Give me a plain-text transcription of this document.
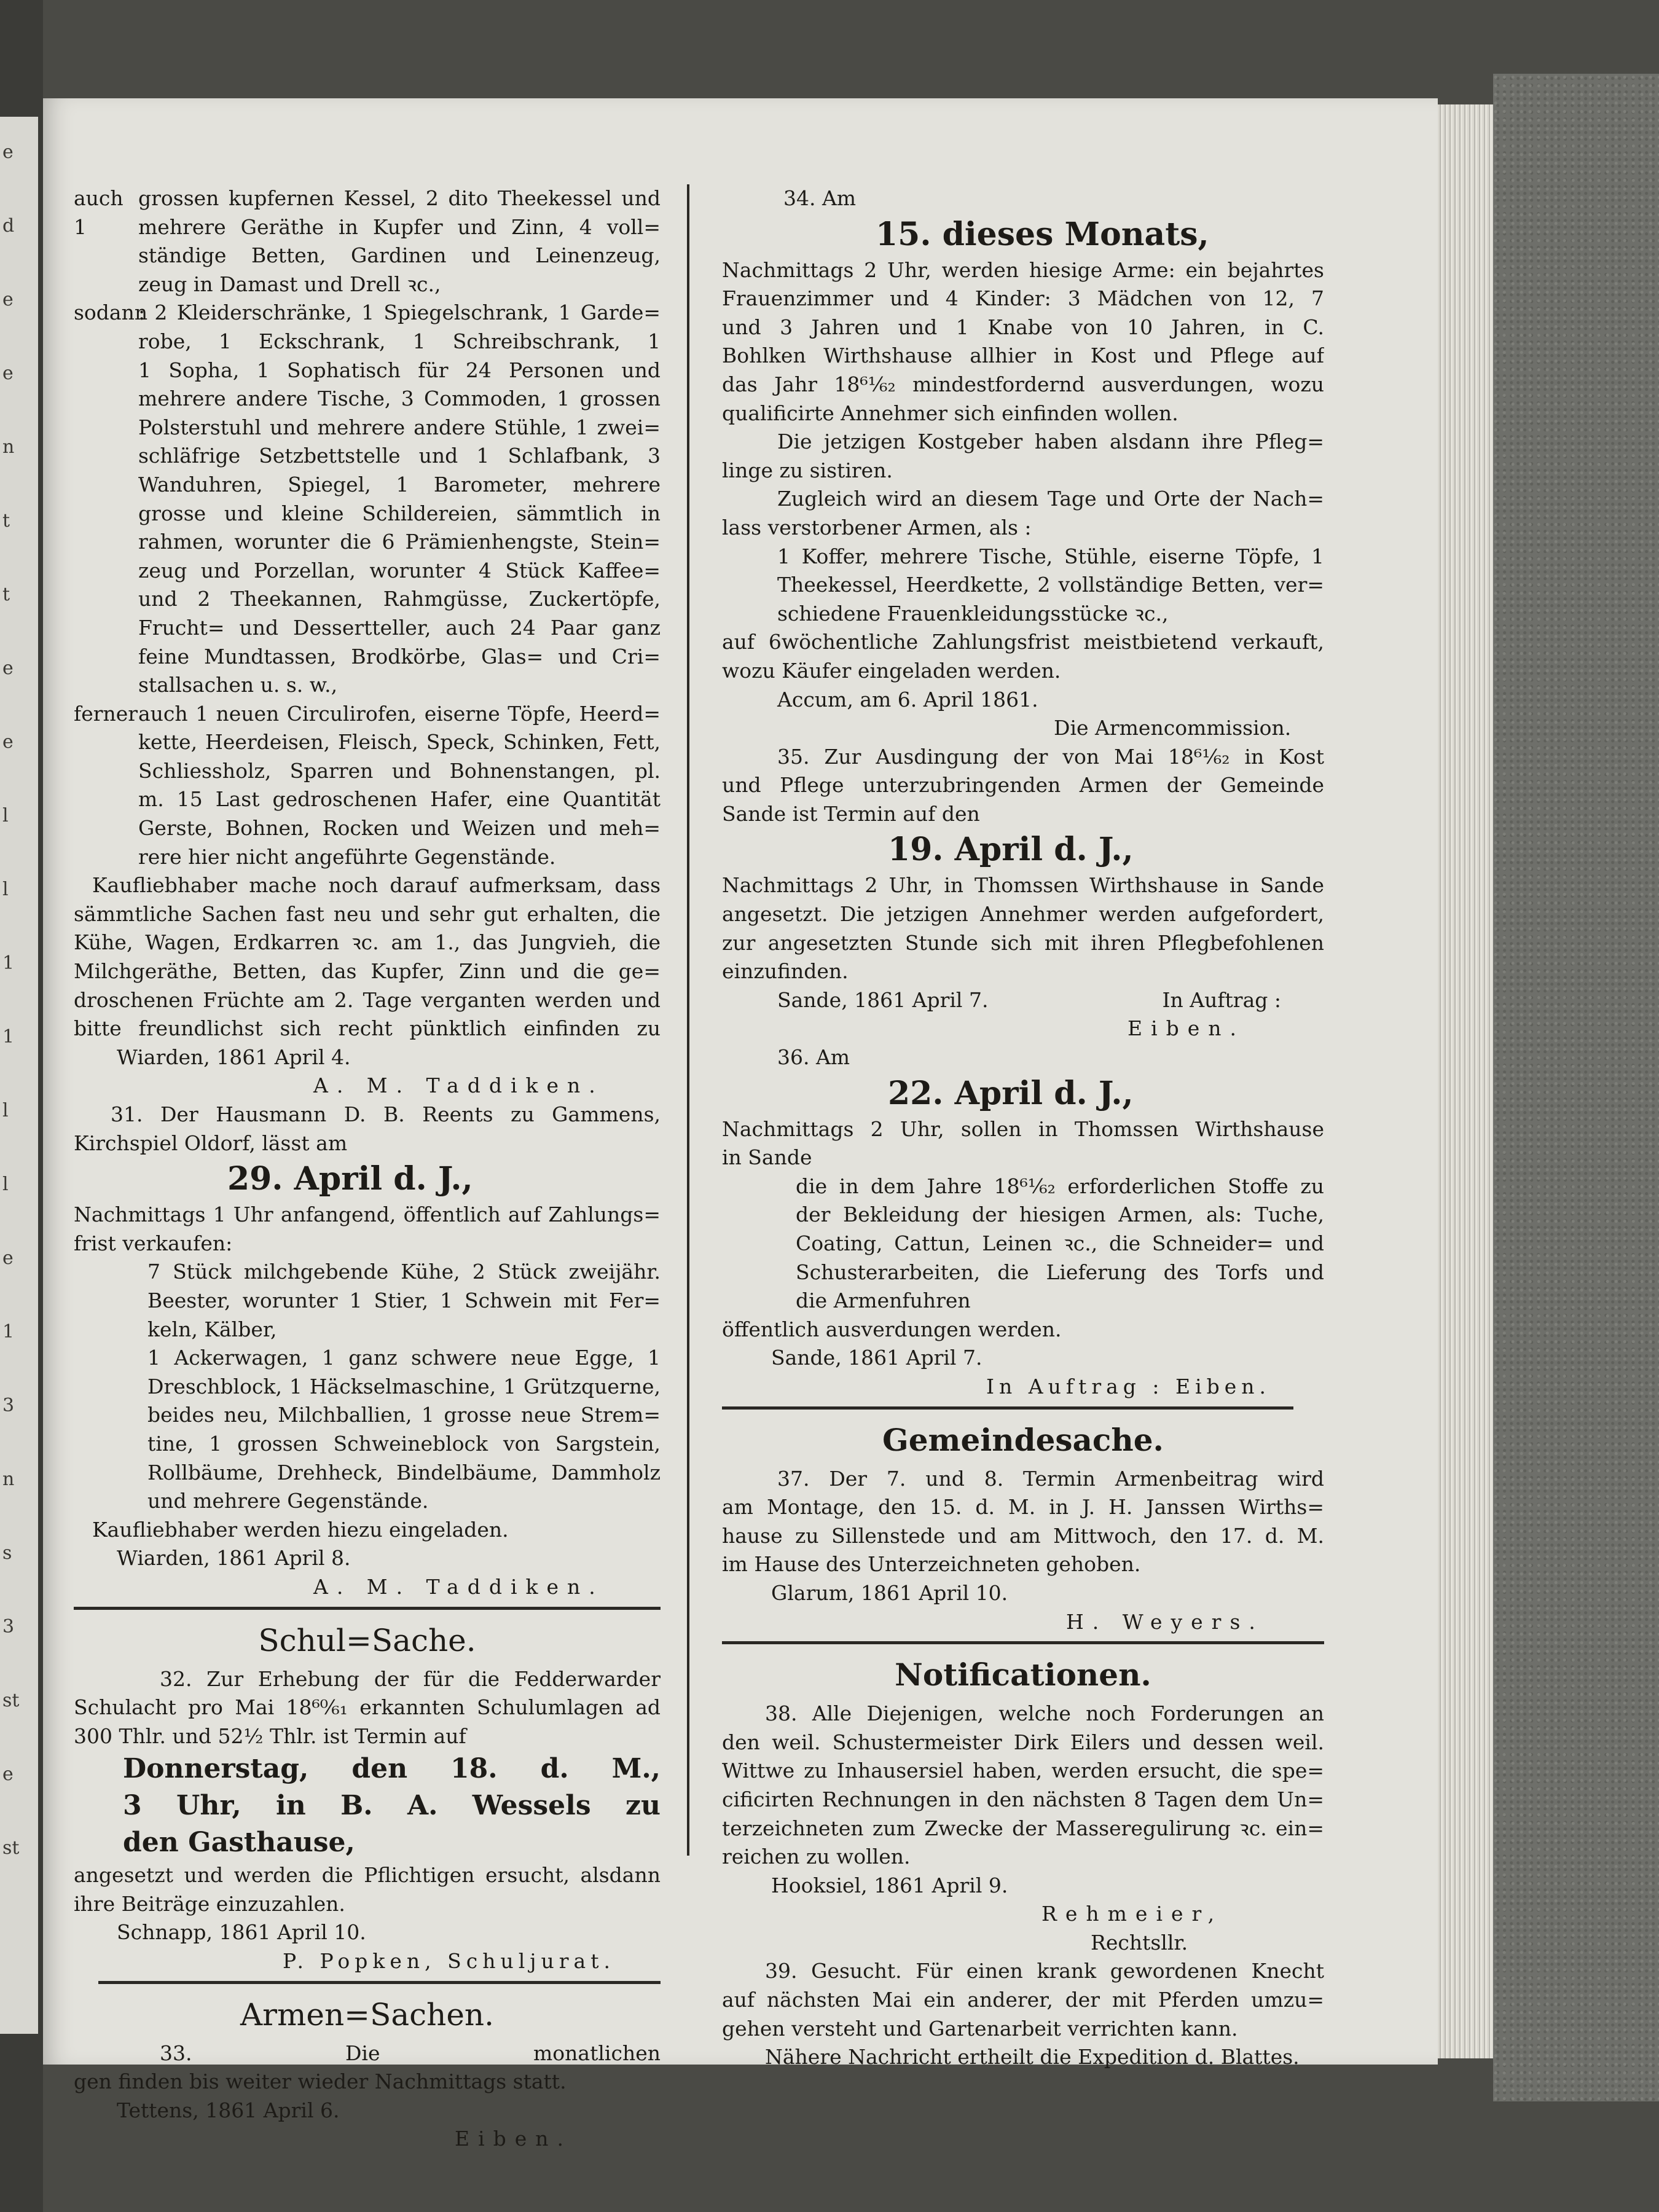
e
d
e
e
n
t
t
e
e
l
l
1
1
l
l
e
1
3
n
s
3
st
e
st
auch 1
grossen kupfernen Kessel, 2 dito Theekessel und
mehrere Geräthe in Kupfer und Zinn, 4 voll=
ständige Betten, Gardinen und Leinenzeug,
zeug in Damast und Drell ꝛc.,
sodann
: 2 Kleiderschränke, 1 Spiegelschrank, 1 Garde=
robe, 1 Eckschrank, 1 Schreibschrank, 1
1 Sopha, 1 Sophatisch für 24 Personen und
mehrere andere Tische, 3 Commoden, 1 grossen
Polsterstuhl und mehrere andere Stühle, 1 zwei=
schläfrige Setzbettstelle und 1 Schlafbank, 3
Wanduhren, Spiegel, 1 Barometer, mehrere
grosse und kleine Schildereien, sämmtlich in
rahmen, worunter die 6 Prämienhengste, Stein=
zeug und Porzellan, worunter 4 Stück Kaffee=
und 2 Theekannen, Rahmgüsse, Zuckertöpfe,
Frucht= und Dessertteller, auch 24 Paar ganz
feine Mundtassen, Brodkörbe, Glas= und Cri=
stallsachen u. s. w.,
ferner auch 1 neuen Circulirofen, eiserne Töpfe, Heerd=
kette, Heerdeisen, Fleisch, Speck, Schinken, Fett,
Schliessholz, Sparren und Bohnenstangen, pl.
m. 15 Last gedroschenen Hafer, eine Quantität
Gerste, Bohnen, Rocken und Weizen und meh=
rere hier nicht angeführte Gegenstände.
Kaufliebhaber mache noch darauf aufmerksam, dass
sämmtliche Sachen fast neu und sehr gut erhalten, die
Kühe, Wagen, Erdkarren ꝛc. am 1., das Jungvieh, die
Milchgeräthe, Betten, das Kupfer, Zinn und die ge=
droschenen Früchte am 2. Tage verganten werden und
bitte freundlichst sich recht pünktlich einfinden zu
Wiarden, 1861 April 4.
A. M. Taddiken.
31. Der Hausmann D. B. Reents zu Gammens,
Kirchspiel Oldorf, lässt am
29. April d. J.,
Nachmittags 1 Uhr anfangend, öffentlich auf Zahlungs=
frist verkaufen:
7 Stück milchgebende Kühe, 2 Stück zweijähr.
Beester, worunter 1 Stier, 1 Schwein mit Fer=
keln, Kälber,
1 Ackerwagen, 1 ganz schwere neue Egge, 1
Dreschblock, 1 Häckselmaschine, 1 Grützquerne,
beides neu, Milchballien, 1 grosse neue Strem=
tine, 1 grossen Schweineblock von Sargstein,
Rollbäume, Drehheck, Bindelbäume, Dammholz
und mehrere Gegenstände.
Kaufliebhaber werden hiezu eingeladen.
Wiarden, 1861 April 8.
A. M. Taddiken.
Schul=Sache.
32. Zur Erhebung der für die Fedderwarder
Schulacht pro Mai 18⁶⁰⁄₆₁ erkannten Schulumlagen ad
300 Thlr. und 52½ Thlr. ist Termin auf
Donnerstag, den 18. d. M.,
3 Uhr, in B. A. Wessels zu
den Gasthause,
angesetzt und werden die Pflichtigen ersucht, alsdann
ihre Beiträge einzuzahlen.
Schnapp, 1861 April 10.
P. Popken, Schuljurat.
Armen=Sachen.
33. Die monatlichen
gen finden bis weiter wieder Nachmittags statt.
Tettens, 1861 April 6.
Eiben.
34. Am
15. dieses Monats,
Nachmittags 2 Uhr, werden hiesige Arme: ein bejahrtes
Frauenzimmer und 4 Kinder: 3 Mädchen von 12, 7
und 3 Jahren und 1 Knabe von 10 Jahren, in C.
Bohlken Wirthshause allhier in Kost und Pflege auf
das Jahr 18⁶¹⁄₆₂ mindestfordernd ausverdungen, wozu
qualificirte Annehmer sich einfinden wollen.
Die jetzigen Kostgeber haben alsdann ihre Pfleg=
linge zu sistiren.
Zugleich wird an diesem Tage und Orte der Nach=
lass verstorbener Armen, als :
1 Koffer, mehrere Tische, Stühle, eiserne Töpfe, 1
Theekessel, Heerdkette, 2 vollständige Betten, ver=
schiedene Frauenkleidungsstücke ꝛc.,
auf 6wöchentliche Zahlungsfrist meistbietend verkauft,
wozu Käufer eingeladen werden.
Accum, am 6. April 1861.
Die Armencommission.
35. Zur Ausdingung der von Mai 18⁶¹⁄₆₂ in Kost
und Pflege unterzubringenden Armen der Gemeinde
Sande ist Termin auf den
19. April d. J.,
Nachmittags 2 Uhr, in Thomssen Wirthshause in Sande
angesetzt. Die jetzigen Annehmer werden aufgefordert,
zur angesetzten Stunde sich mit ihren Pflegbefohlenen
einzufinden.
Sande, 1861 April 7.	In Auftrag :
Eiben.
36. Am
22. April d. J.,
Nachmittags 2 Uhr, sollen in Thomssen Wirthshause
in Sande
die in dem Jahre 18⁶¹⁄₆₂ erforderlichen Stoffe zu
der Bekleidung der hiesigen Armen, als: Tuche,
Coating, Cattun, Leinen ꝛc., die Schneider= und
Schusterarbeiten, die Lieferung des Torfs und
die Armenfuhren
öffentlich ausverdungen werden.
Sande, 1861 April 7.
In Auftrag : Eiben.
Gemeindesache.
37. Der 7. und 8. Termin Armenbeitrag wird
am Montage, den 15. d. M. in J. H. Janssen Wirths=
hause zu Sillenstede und am Mittwoch, den 17. d. M.
im Hause des Unterzeichneten gehoben.
Glarum, 1861 April 10.
H. Weyers.
Notificationen.
38. Alle Diejenigen, welche noch Forderungen an
den weil. Schustermeister Dirk Eilers und dessen weil.
Wittwe zu Inhausersiel haben, werden ersucht, die spe=
cificirten Rechnungen in den nächsten 8 Tagen dem Un=
terzeichneten zum Zwecke der Masseregulirung ꝛc. ein=
reichen zu wollen.
Hooksiel, 1861 April 9.
Rehmeier,
Rechtsllr.
39. Gesucht. Für einen krank gewordenen Knecht
auf nächsten Mai ein anderer, der mit Pferden umzu=
gehen versteht und Gartenarbeit verrichten kann.
Nähere Nachricht ertheilt die Expedition d. Blattes.
